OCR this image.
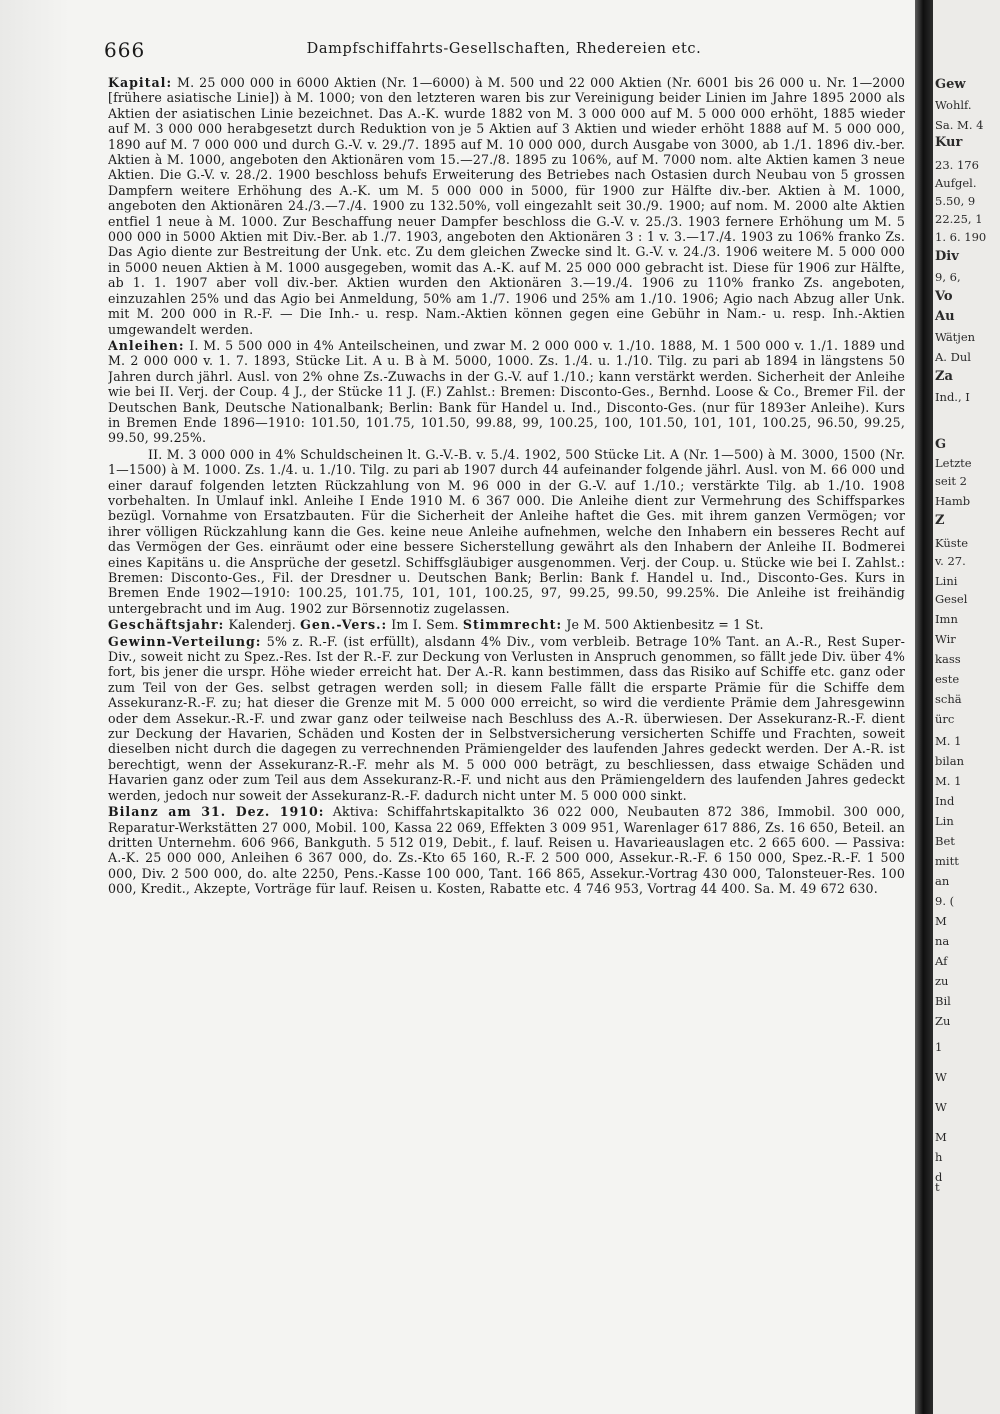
666	Dampfschiffahrts-Gesellschaften, Rhedereien etc.

Kapital: M. 25 000 000 in 6000 Aktien (Nr. 1—6000) à M. 500 und 22 000 Aktien (Nr. 6001 bis 26 000 u. Nr. 1—2000 [frühere asiatische Linie]) à M. 1000; von den letzteren waren bis zur Vereinigung beider Linien im Jahre 1895 2000 als Aktien der asiatischen Linie bezeichnet. Das A.-K. wurde 1882 von M. 3 000 000 auf M. 5 000 000 erhöht, 1885 wieder auf M. 3 000 000 herabgesetzt durch Reduktion von je 5 Aktien auf 3 Aktien und wieder erhöht 1888 auf M. 5 000 000, 1890 auf M. 7 000 000 und durch G.-V. v. 29./7. 1895 auf M. 10 000 000, durch Ausgabe von 3000, ab 1./1. 1896 div.-ber. Aktien à M. 1000, angeboten den Aktionären vom 15.—27./8. 1895 zu 106%, auf M. 7000 nom. alte Aktien kamen 3 neue Aktien. Die G.-V. v. 28./2. 1900 beschloss behufs Erweiterung des Betriebes nach Ostasien durch Neubau von 5 grossen Dampfern weitere Erhöhung des A.-K. um M. 5 000 000 in 5000, für 1900 zur Hälfte div.-ber. Aktien à M. 1000, angeboten den Aktionären 24./3.—7./4. 1900 zu 132.50%, voll eingezahlt seit 30./9. 1900; auf nom. M. 2000 alte Aktien entfiel 1 neue à M. 1000. Zur Beschaffung neuer Dampfer beschloss die G.-V. v. 25./3. 1903 fernere Erhöhung um M. 5 000 000 in 5000 Aktien mit Div.-Ber. ab 1./7. 1903, angeboten den Aktionären 3 : 1 v. 3.—17./4. 1903 zu 106% franko Zs. Das Agio diente zur Bestreitung der Unk. etc. Zu dem gleichen Zwecke sind lt. G.-V. v. 24./3. 1906 weitere M. 5 000 000 in 5000 neuen Aktien à M. 1000 ausgegeben, womit das A.-K. auf M. 25 000 000 gebracht ist. Diese für 1906 zur Hälfte, ab 1. 1. 1907 aber voll div.-ber. Aktien wurden den Aktionären 3.—19./4. 1906 zu 110% franko Zs. angeboten, einzuzahlen 25% und das Agio bei Anmeldung, 50% am 1./7. 1906 und 25% am 1./10. 1906; Agio nach Abzug aller Unk. mit M. 200 000 in R.-F. — Die Inh.- u. resp. Nam.-Aktien können gegen eine Gebühr in Nam.- u. resp. Inh.-Aktien umgewandelt werden.

Anleihen: I. M. 5 500 000 in 4% Anteilscheinen, und zwar M. 2 000 000 v. 1./10. 1888, M. 1 500 000 v. 1./1. 1889 und M. 2 000 000 v. 1. 7. 1893, Stücke Lit. A u. B à M. 5000, 1000. Zs. 1./4. u. 1./10. Tilg. zu pari ab 1894 in längstens 50 Jahren durch jährl. Ausl. von 2% ohne Zs.-Zuwachs in der G.-V. auf 1./10.; kann verstärkt werden. Sicherheit der Anleihe wie bei II. Verj. der Coup. 4 J., der Stücke 11 J. (F.) Zahlst.: Bremen: Disconto-Ges., Bernhd. Loose & Co., Bremer Fil. der Deutschen Bank, Deutsche Nationalbank; Berlin: Bank für Handel u. Ind., Disconto-Ges. (nur für 1893er Anleihe). Kurs in Bremen Ende 1896—1910: 101.50, 101.75, 101.50, 99.88, 99, 100.25, 100, 101.50, 101, 101, 100.25, 96.50, 99.25, 99.50, 99.25%.

II. M. 3 000 000 in 4% Schuldscheinen lt. G.-V.-B. v. 5./4. 1902, 500 Stücke Lit. A (Nr. 1—500) à M. 3000, 1500 (Nr. 1—1500) à M. 1000. Zs. 1./4. u. 1./10. Tilg. zu pari ab 1907 durch 44 aufeinander folgende jährl. Ausl. von M. 66 000 und einer darauf folgenden letzten Rückzahlung von M. 96 000 in der G.-V. auf 1./10.; verstärkte Tilg. ab 1./10. 1908 vorbehalten. In Umlauf inkl. Anleihe I Ende 1910 M. 6 367 000. Die Anleihe dient zur Vermehrung des Schiffsparkes bezügl. Vornahme von Ersatzbauten. Für die Sicherheit der Anleihe haftet die Ges. mit ihrem ganzen Vermögen; vor ihrer völligen Rückzahlung kann die Ges. keine neue Anleihe aufnehmen, welche den Inhabern ein besseres Recht auf das Vermögen der Ges. einräumt oder eine bessere Sicherstellung gewährt als den Inhabern der Anleihe II. Bodmerei eines Kapitäns u. die Ansprüche der gesetzl. Schiffsgläubiger ausgenommen. Verj. der Coup. u. Stücke wie bei I. Zahlst.: Bremen: Disconto-Ges., Fil. der Dresdner u. Deutschen Bank; Berlin: Bank f. Handel u. Ind., Disconto-Ges. Kurs in Bremen Ende 1902—1910: 100.25, 101.75, 101, 101, 100.25, 97, 99.25, 99.50, 99.25%. Die Anleihe ist freihändig untergebracht und im Aug. 1902 zur Börsennotiz zugelassen.

Geschäftsjahr: Kalenderj. Gen.-Vers.: Im I. Sem. Stimmrecht: Je M. 500 Aktienbesitz = 1 St.

Gewinn-Verteilung: 5% z. R.-F. (ist erfüllt), alsdann 4% Div., vom verbleib. Betrage 10% Tant. an A.-R., Rest Super-Div., soweit nicht zu Spez.-Res. Ist der R.-F. zur Deckung von Verlusten in Anspruch genommen, so fällt jede Div. über 4% fort, bis jener die urspr. Höhe wieder erreicht hat. Der A.-R. kann bestimmen, dass das Risiko auf Schiffe etc. ganz oder zum Teil von der Ges. selbst getragen werden soll; in diesem Falle fällt die ersparte Prämie für die Schiffe dem Assekuranz-R.-F. zu; hat dieser die Grenze mit M. 5 000 000 erreicht, so wird die verdiente Prämie dem Jahresgewinn oder dem Assekur.-R.-F. und zwar ganz oder teilweise nach Beschluss des A.-R. überwiesen. Der Assekuranz-R.-F. dient zur Deckung der Havarien, Schäden und Kosten der in Selbstversicherung versicherten Schiffe und Frachten, soweit dieselben nicht durch die dagegen zu verrechnenden Prämiengelder des laufenden Jahres gedeckt werden. Der A.-R. ist berechtigt, wenn der Assekuranz-R.-F. mehr als M. 5 000 000 beträgt, zu beschliessen, dass etwaige Schäden und Havarien ganz oder zum Teil aus dem Assekuranz-R.-F. und nicht aus den Prämiengeldern des laufenden Jahres gedeckt werden, jedoch nur soweit der Assekuranz-R.-F. dadurch nicht unter M. 5 000 000 sinkt.

Bilanz am 31. Dez. 1910: Aktiva: Schiffahrtskapitalkto 36 022 000, Neubauten 872 386, Immobil. 300 000, Reparatur-Werkstätten 27 000, Mobil. 100, Kassa 22 069, Effekten 3 009 951, Warenlager 617 886, Zs. 16 650, Beteil. an dritten Unternehm. 606 966, Bankguth. 5 512 019, Debit., f. lauf. Reisen u. Havarieauslagen etc. 2 665 600. — Passiva: A.-K. 25 000 000, Anleihen 6 367 000, do. Zs.-Kto 65 160, R.-F. 2 500 000, Assekur.-R.-F. 6 150 000, Spez.-R.-F. 1 500 000, Div. 2 500 000, do. alte 2250, Pens.-Kasse 100 000, Tant. 166 865, Assekur.-Vortrag 430 000, Talonsteuer-Res. 100 000, Kredit., Akzepte, Vorträge für lauf. Reisen u. Kosten, Rabatte etc. 4 746 953, Vortrag 44 400. Sa. M. 49 672 630.

Gew
Wohlf.
Sa. M. 4
Kur
23. 176
Aufgel.
5.50, 9
22.25, 1
1. 6. 190
Div
9, 6,
Vo
Au
Wätjen
A. Dul
Za
Ind., I
G
Letzte
seit 2
Hamb
Z
Küste
v. 27.
Lini
Gesel
Imn
Wir
kass
este
schä
ürc
M. 1
bilan
M. 1
Ind
Lin
Bet
mitt
an
9. (
M
na
Af
zu
Bil
Zu
1
W
W
M
h
d
t
